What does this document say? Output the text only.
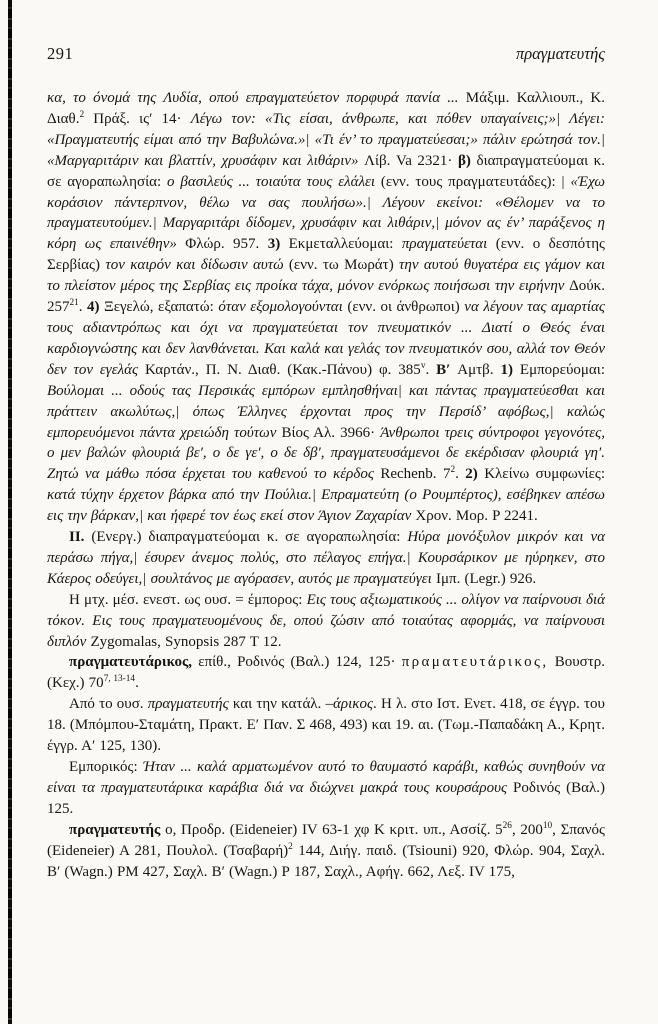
291	πραγματευτής

κα, το όνομά της Λυδία, οπού επραγματεύετον πορφυρά πανία ... Μάξιμ. Καλλιουπ., Κ. Διαθ.$^2$ Πράξ. ις′ 14· Λέγω τον: «Τις είσαι, άνθρωπε, και πόθεν υπαγαίνεις;»| Λέγει: «Πραγματευτής είμαι από την Βαβυλώνα.»| «Τι έν’ το πραγματεύεσαι;» πάλιν ερώτησά τον.| «Μαργαριτάριν και βλαττίν, χρυσάφιν και λιθάριν» Λίβ. Va 2321· β) διαπραγματεύομαι κ. σε αγοραπωλησία: ο βασιλεύς ... τοιαύτα τους ελάλει (ενν. τους πραγματευτάδες): | «Έχω κοράσιον πάντερπνον, θέλω να σας πουλήσω».| Λέγουν εκείνοι: «Θέλομεν να το πραγματευτούμεν.| Μαργαριτάρι δίδομεν, χρυσάφιν και λιθάριν,| μόνον ας έν’ παράξενος η κόρη ως επαινέθην» Φλώρ. 957. 3) Εκμεταλλεύομαι: πραγματεύεται (ενν. ο δεσπότης Σερβίας) τον καιρόν και δίδωσιν αυτώ (ενν. τω Μωράτ) την αυτού θυγατέρα εις γάμον και το πλείστον μέρος της Σερβίας εις προίκα τάχα, μόνον ενόρκως ποιήσωσι την ειρήνην Δούκ. $257^{21}$. 4) Ξεγελώ, εξαπατώ: όταν εξομολογούνται (ενν. οι άνθρωποι) να λέγουν τας αμαρτίας τους αδιαντρόπως και όχι να πραγματεύεται τον πνευματικόν ... Διατί ο Θεός έναι καρδιογνώστης και δεν λανθάνεται. Και καλά και γελάς τον πνευματικόν σου, αλλά τον Θεόν δεν τον εγελάς Καρτάν., Π. Ν. Διαθ. (Κακ.-Πάνου) φ. 385$^v$. Β′ Αμτβ. 1) Εμπορεύομαι: Βούλομαι ... οδούς τας Περσικάς εμπόρων εμπλησθήναι| και πάντας πραγματεύεσθαι και πράττειν ακωλύτως,| όπως Έλληνες έρχονται προς την Περσίδ’ αφόβως,| καλώς εμπορευόμενοι πάντα χρειώδη τούτων Βίος Αλ. 3966· Άνθρωποι τρεις σύντροφοι γεγονότες, ο μεν βαλών φλουριά βε′, ο δε γε′, ο δε δβ′, πραγματευσάμενοι δε εκέρδισαν φλουριά γη′. Ζητώ να μάθω πόσα έρχεται του καθενού το κέρδος Rechenb. $7^2$. 2) Κλείνω συμφωνίες: κατά τύχην έρχετον βάρκα από την Πούλια.| Επραματεύτη (ο Ρουμπέρτος), εσέβηκεν απέσω εις την βάρκαν,| και ήφερέ τον έως εκεί στον Άγιον Ζαχαρίαν Χρον. Μορ. P 2241.

II. (Ενεργ.) διαπραγματεύομαι κ. σε αγοραπωλησία: Ηύρα μονόξυλον μικρόν και να περάσω πήγα,| έσυρεν άνεμος πολύς, στο πέλαγος επήγα.| Κουρσάρικον με ηύρηκεν, στο Κάερος οδεύγει,| σουλτάνος με αγόρασεν, αυτός με πραγματεύγει Ιμπ. (Legr.) 926.

Η μτχ. μέσ. ενεστ. ως ουσ. = έμπορος: Εις τους αξιωματικούς ... ολίγον να παίρνουσι διά τόκον. Εις τους πραγματευομένους δε, οπού ζώσιν από τοιαύτας αφορμάς, να παίρνουσι διπλόν Zygomalas, Synopsis 287 T 12.

πραγματευτάρικος, επίθ., Ροδινός (Βαλ.) 124, 125· πραματευτάρικος, Βουστρ. (Κεχ.) 70$^{7, 13-14}$.

Από το ουσ. πραγματευτής και την κατάλ. –άρικος. Η λ. στο Ιστ. Ενετ. 418, σε έγγρ. του 18. (Μπόμπου-Σταμάτη, Πρακτ. Ε′ Παν. Σ 468, 493) και 19. αι. (Τωμ.-Παπαδάκη Α., Κρητ. έγγρ. Α′ 125, 130).

Εμπορικός: Ήταν ... καλά αρματωμένον αυτό το θαυμαστό καράβι, καθώς συνηθούν να είναι τα πραγματευτάρικα καράβια διά να διώχνει μακρά τους κουρσάρους Ροδινός (Βαλ.) 125.

πραγματευτής ο, Προδρ. (Eideneier) IV 63-1 χφ Κ κριτ. υπ., Ασσίζ. $5^{26}$, $200^{10}$, Σπανός (Eideneier) Α 281, Πουλολ. $(T\sigma\alpha\beta\alpha\rho ή)^2$ 144, Διήγ. παιδ. (Tsiouni) 920, Φλώρ. 904, Σαχλ. Β′ (Wagn.) ΡΜ 427, Σαχλ. Β′ (Wagn.) Ρ 187, Σαχλ., Αφήγ. 662, Λεξ. IV 175,
